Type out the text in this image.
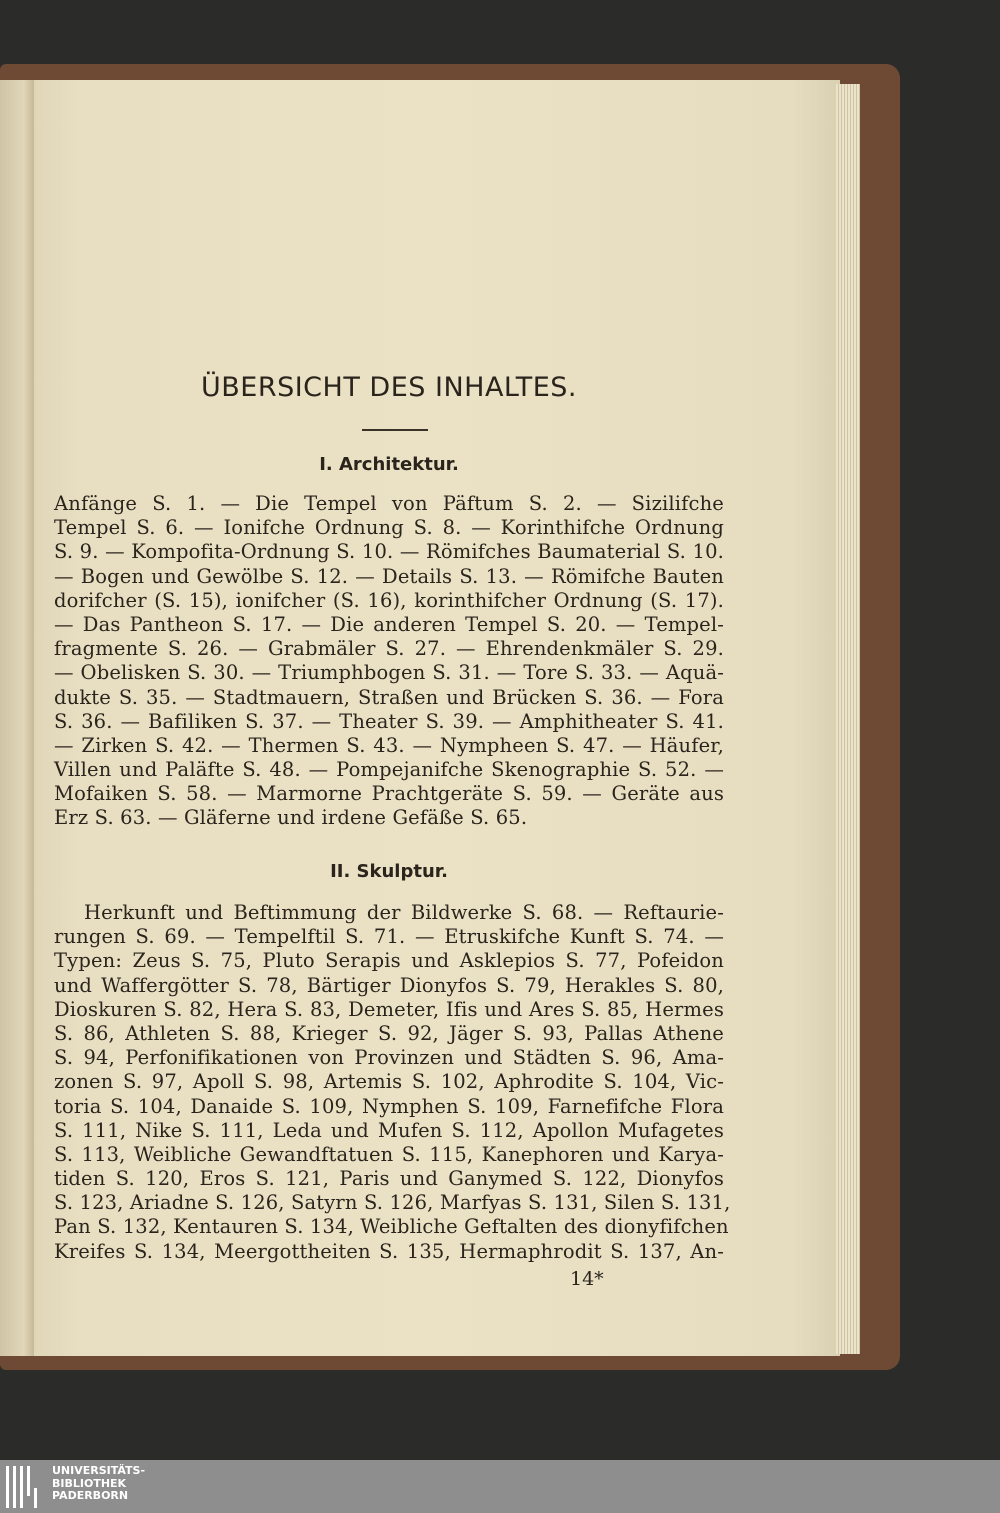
ÜBERSICHT DES INHALTES.
I. Architektur.
Anfänge S. 1. — Die Tempel von Päftum S. 2. — Sizilifche
Tempel S. 6. — Ionifche Ordnung S. 8. — Korinthifche Ordnung
S. 9. — Kompofita-Ordnung S. 10. — Römifches Baumaterial S. 10.
— Bogen und Gewölbe S. 12. — Details S. 13. — Römifche Bauten
dorifcher (S. 15), ionifcher (S. 16), korinthifcher Ordnung (S. 17).
— Das Pantheon S. 17. — Die anderen Tempel S. 20. — Tempel-
fragmente S. 26. — Grabmäler S. 27. — Ehrendenkmäler S. 29.
— Obelisken S. 30. — Triumphbogen S. 31. — Tore S. 33. — Aquä-
dukte S. 35. — Stadtmauern, Straßen und Brücken S. 36. — Fora
S. 36. — Bafiliken S. 37. — Theater S. 39. — Amphitheater S. 41.
— Zirken S. 42. — Thermen S. 43. — Nympheen S. 47. — Häufer,
Villen und Paläfte S. 48. — Pompejanifche Skenographie S. 52. —
Mofaiken S. 58. — Marmorne Prachtgeräte S. 59. — Geräte aus
Erz S. 63. — Gläferne und irdene Gefäße S. 65.
II. Skulptur.
Herkunft und Beftimmung der Bildwerke S. 68. — Reftaurie-
rungen S. 69. — Tempelftil S. 71. — Etruskifche Kunft S. 74. —
Typen: Zeus S. 75, Pluto Serapis und Asklepios S. 77, Pofeidon
und Waffergötter S. 78, Bärtiger Dionyfos S. 79, Herakles S. 80,
Dioskuren S. 82, Hera S. 83, Demeter, Ifis und Ares S. 85, Hermes
S. 86, Athleten S. 88, Krieger S. 92, Jäger S. 93, Pallas Athene
S. 94, Perfonifikationen von Provinzen und Städten S. 96, Ama-
zonen S. 97, Apoll S. 98, Artemis S. 102, Aphrodite S. 104, Vic-
toria S. 104, Danaide S. 109, Nymphen S. 109, Farnefifche Flora
S. 111, Nike S. 111, Leda und Mufen S. 112, Apollon Mufagetes
S. 113, Weibliche Gewandftatuen S. 115, Kanephoren und Karya-
tiden S. 120, Eros S. 121, Paris und Ganymed S. 122, Dionyfos
S. 123, Ariadne S. 126, Satyrn S. 126, Marfyas S. 131, Silen S. 131,
Pan S. 132, Kentauren S. 134, Weibliche Geftalten des dionyfifchen
Kreifes S. 134, Meergottheiten S. 135, Hermaphrodit S. 137, An-
14*
UNIVERSITÄTS-
BIBLIOTHEK
PADERBORN
